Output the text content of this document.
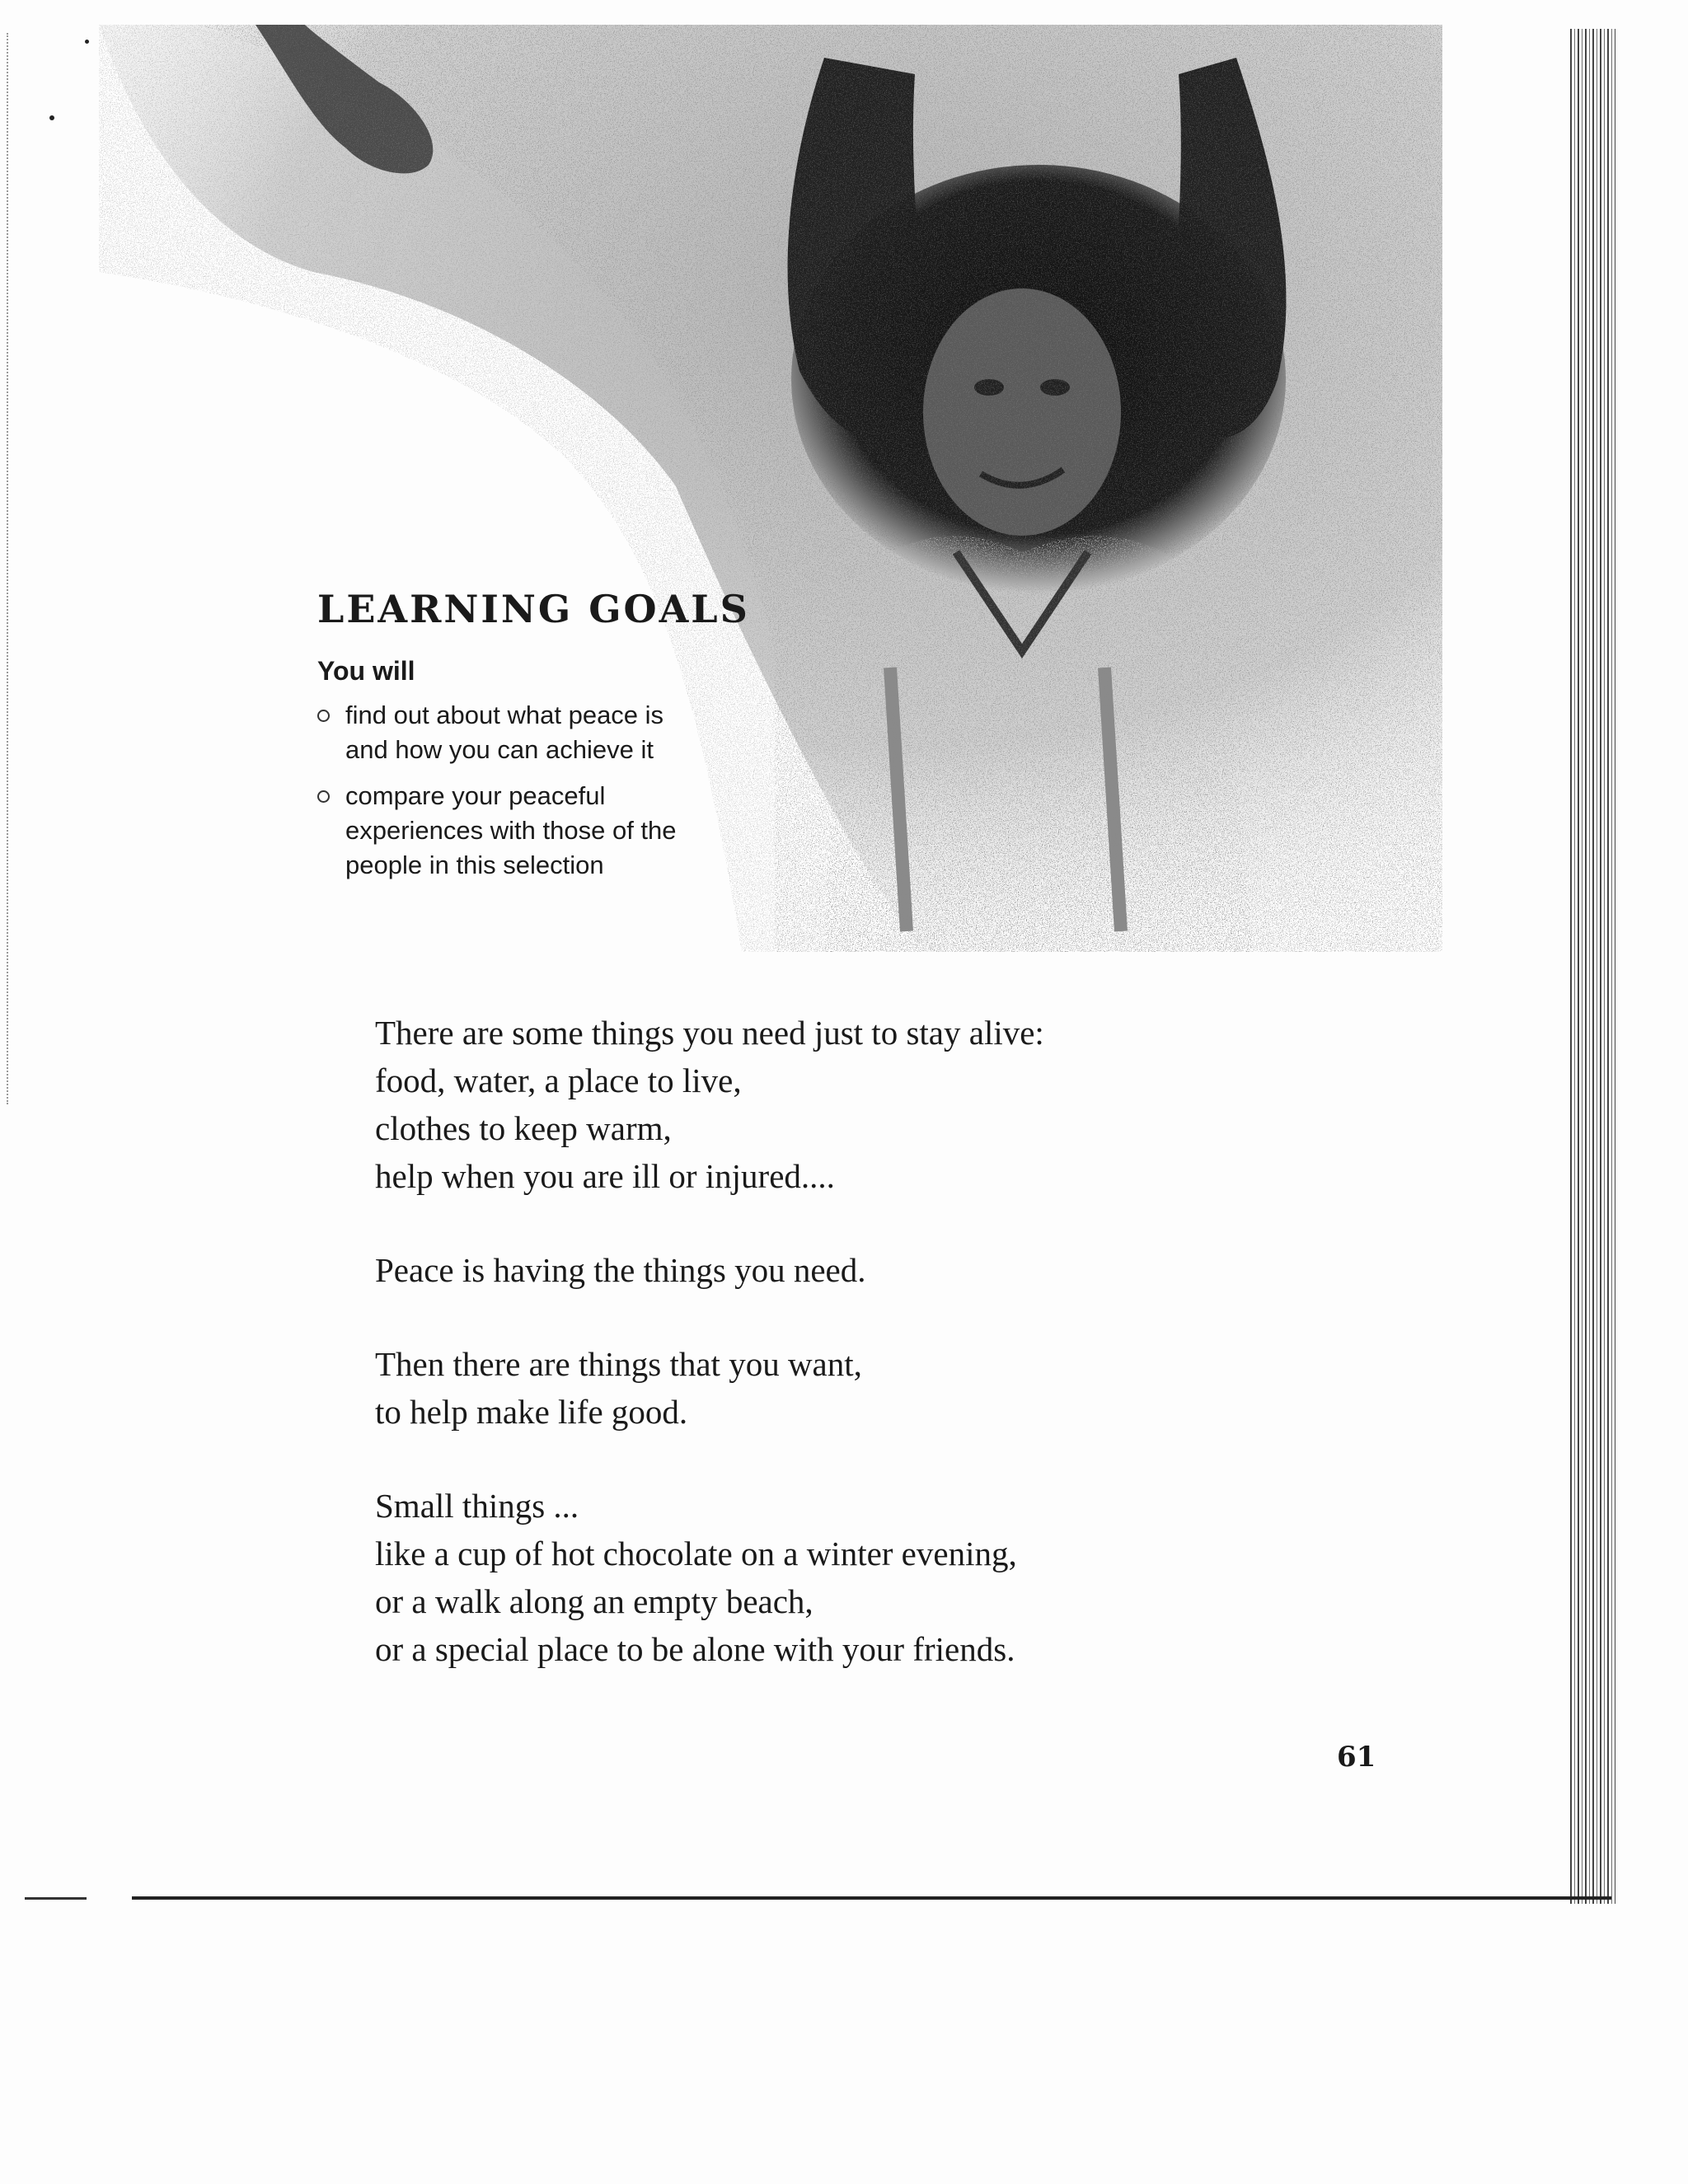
LEARNING GOALS
You will
find out about what peace is
and how you can achieve it
compare your peaceful
experiences with those of the
people in this selection
There are some things you need just to stay alive:
food, water, a place to live,
clothes to keep warm,
help when you are ill or injured....
Peace is having the things you need.
Then there are things that you want,
to help make life good.
Small things ...
like a cup of hot chocolate on a winter evening,
or a walk along an empty beach,
or a special place to be alone with your friends.
61
